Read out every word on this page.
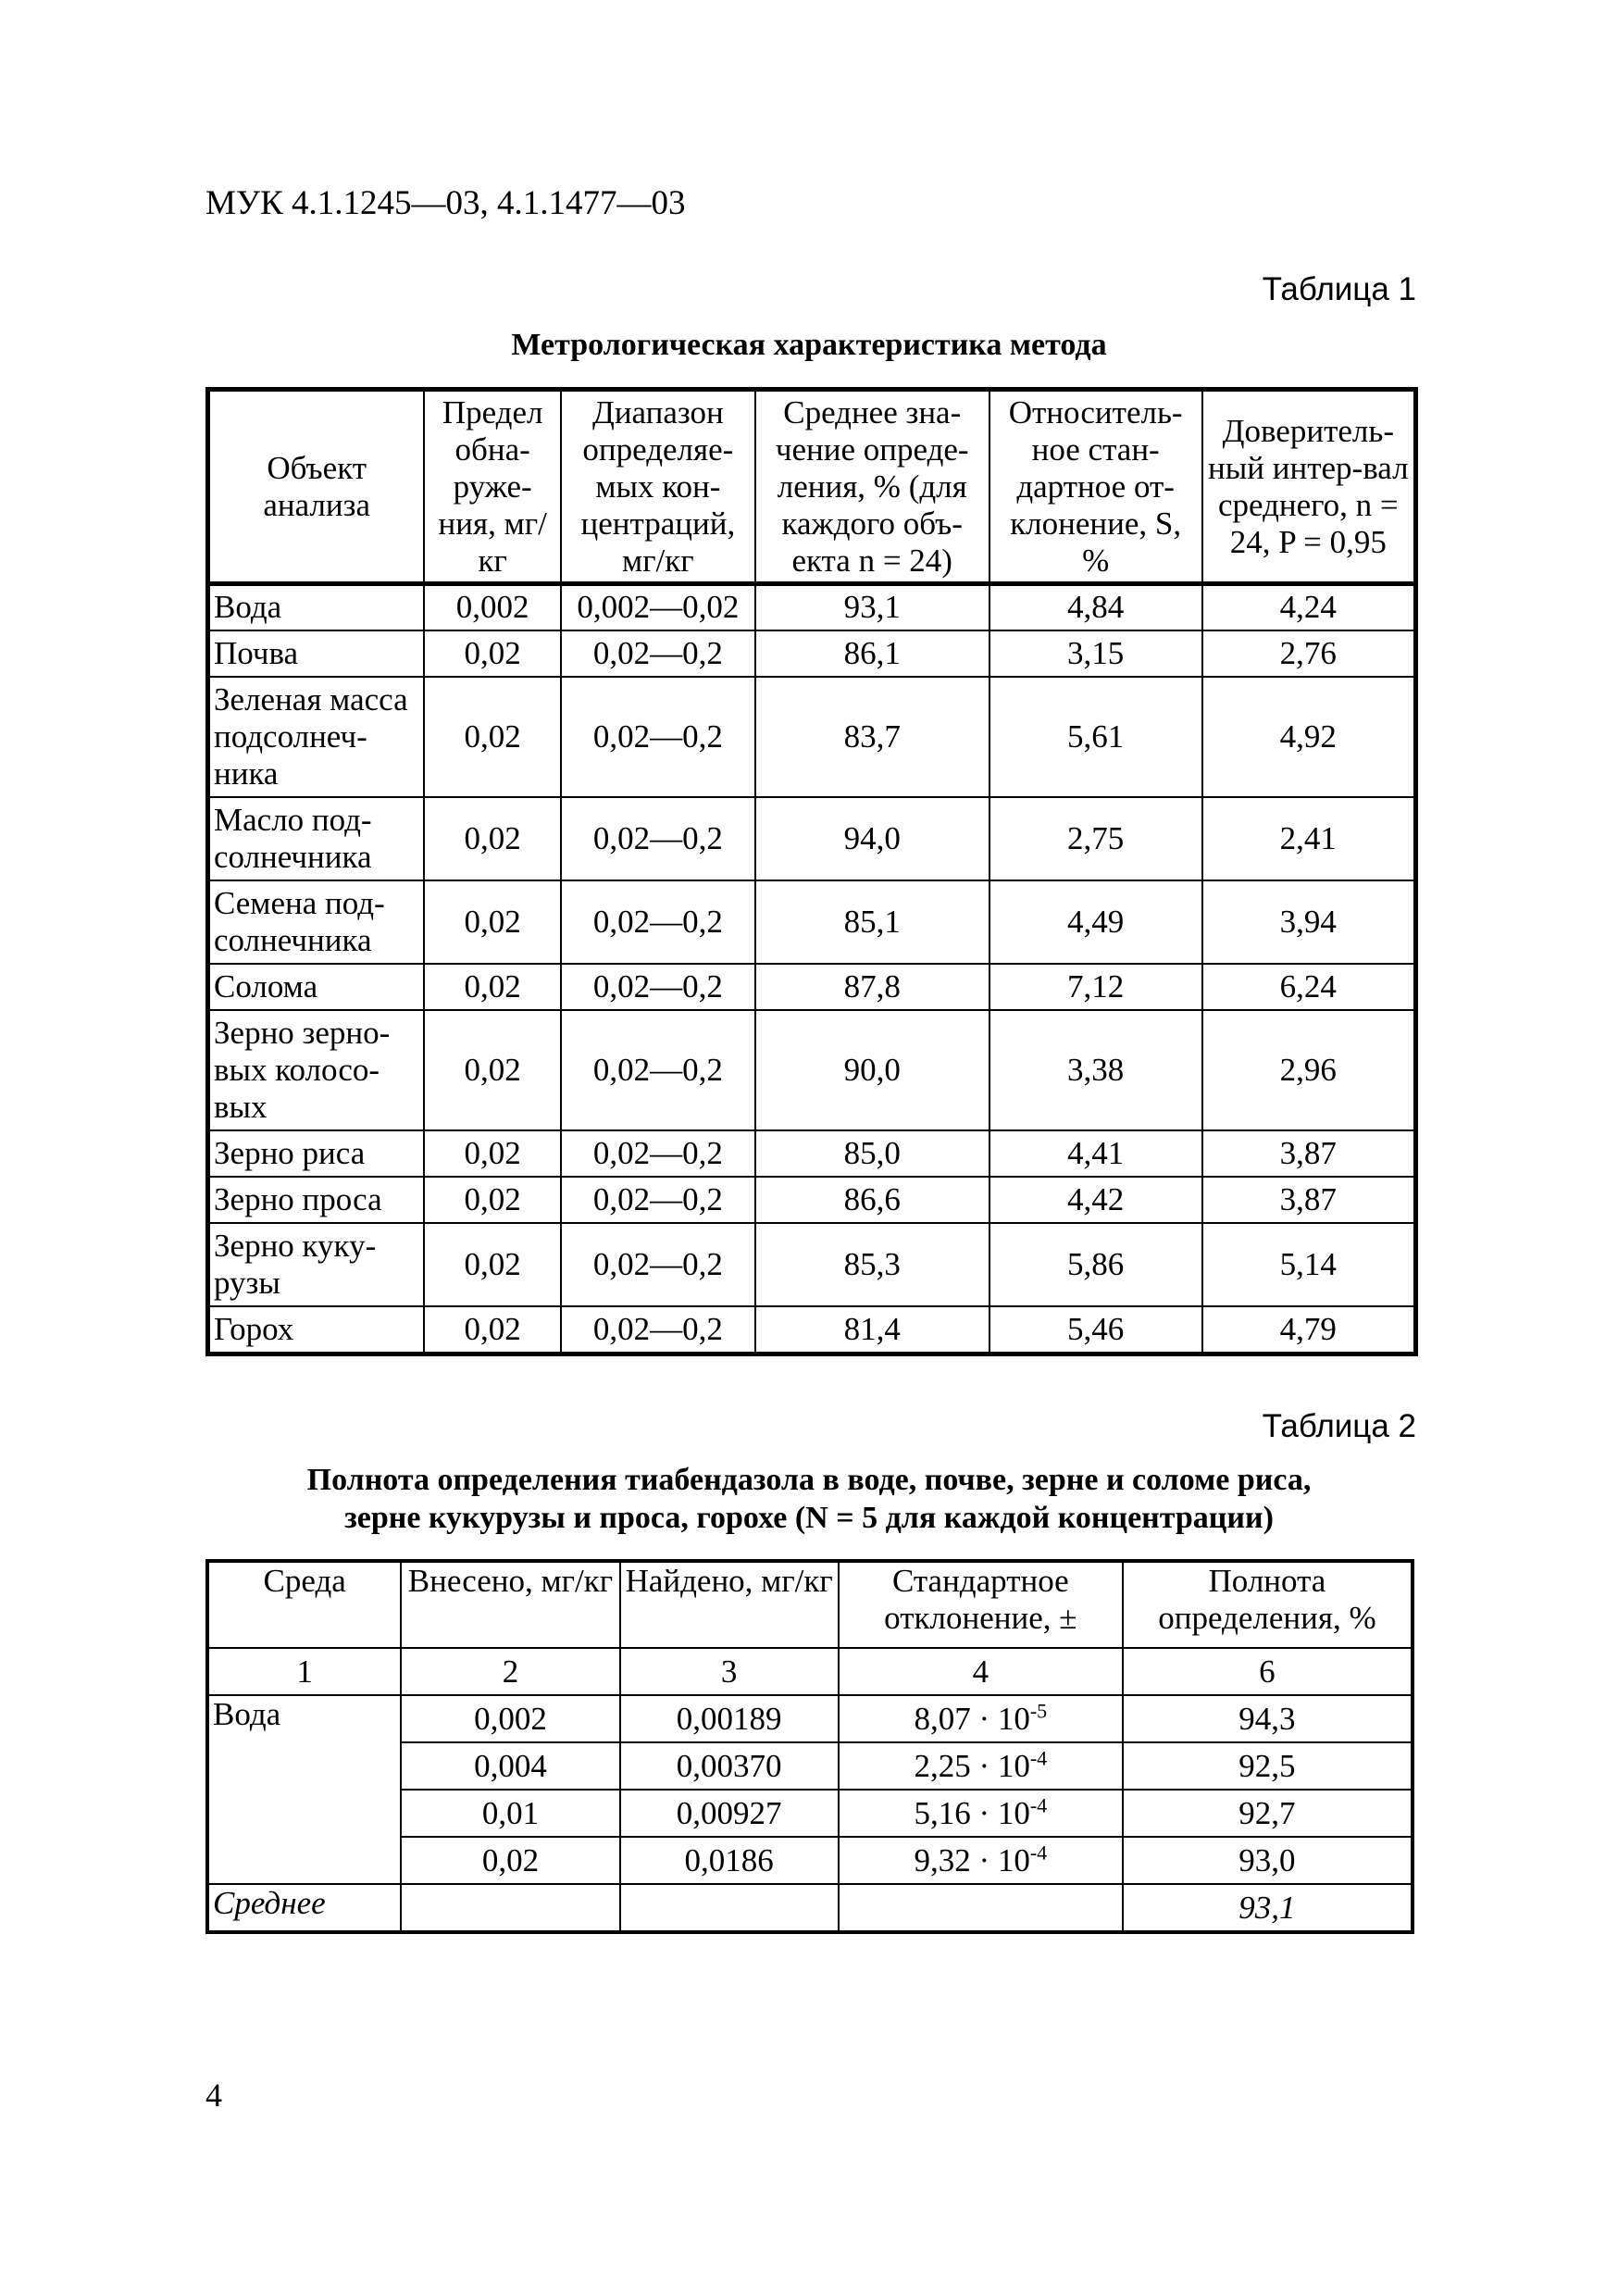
МУК 4.1.1245—03, 4.1.1477—03
Таблица 1
Метрологическая характеристика метода
Объект анализа	Предел обна-руже-ния, мг/кг	Диапазон определяе-мых кон-центраций, мг/кг	Среднее зна-чение опреде-ления, % (для каждого объ-екта n = 24)	Относитель-ное стан-дартное от-клонение, S, %	Доверитель-ный интер-вал среднего, n = 24, P = 0,95
Вода	0,002	0,002—0,02	93,1	4,84	4,24
Почва	0,02	0,02—0,2	86,1	3,15	2,76
Зеленая масса подсолнеч-ника	0,02	0,02—0,2	83,7	5,61	4,92
Масло под-солнечника	0,02	0,02—0,2	94,0	2,75	2,41
Семена под-солнечника	0,02	0,02—0,2	85,1	4,49	3,94
Солома	0,02	0,02—0,2	87,8	7,12	6,24
Зерно зерно-вых колосо-вых	0,02	0,02—0,2	90,0	3,38	2,96
Зерно риса	0,02	0,02—0,2	85,0	4,41	3,87
Зерно проса	0,02	0,02—0,2	86,6	4,42	3,87
Зерно куку-рузы	0,02	0,02—0,2	85,3	5,86	5,14
Горох	0,02	0,02—0,2	81,4	5,46	4,79
Таблица 2
Полнота определения тиабендазола в воде, почве, зерне и соломе риса,
зерне кукурузы и проса, горохе (N = 5 для каждой концентрации)
Среда	Внесено, мг/кг	Найдено, мг/кг	Стандартное отклонение, ±	Полнота определения, %
1	2	3	4	6
Вода	0,002	0,00189	$8,07 \cdot 10^{-5}$	94,3
	0,004	0,00370	$2,25 \cdot 10^{-4}$	92,5
	0,01	0,00927	$5,16 \cdot 10^{-4}$	92,7
	0,02	0,0186	$9,32 \cdot 10^{-4}$	93,0
Среднее				93,1
4
